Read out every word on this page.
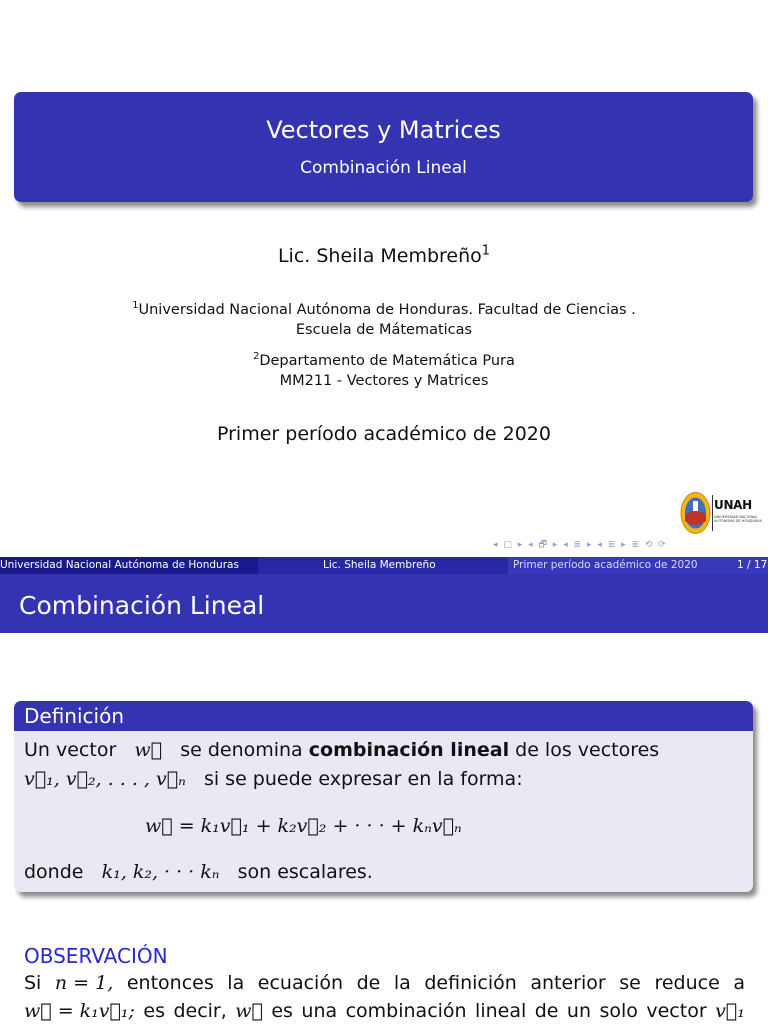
Vectores y Matrices
Combinación Lineal
Lic. Sheila Membreño$^1$
$^1$Universidad Nacional Autónoma de Honduras. Facultad de Ciencias .
Escuela de Mátematicas
$^2$Departamento de Matemática Pura
MM211 - Vectores y Matrices
Primer período académico de 2020
UNAH
UNIVERSIDAD NACIONAL
AUTÓNOMA DE HONDURAS
◂ □ ▸ ◂ 🗗 ▸ ◂ ≣ ▸ ◂ ≣ ▸ ≣ ⟲ ⟳
Universidad Nacional Autónoma de Honduras	Lic. Sheila Membreño	Primer período académico de 2020	1 / 17
Combinación Lineal
Definición
Un vector w⃗ se denomina combinación lineal de los vectores
v⃗₁, v⃗₂, . . . , v⃗ₙ si se puede expresar en la forma:
w⃗ = k₁v⃗₁ + k₂v⃗₂ + · · · + kₙv⃗ₙ
donde k₁, k₂, · · · kₙ son escalares.
OBSERVACIÓN
Si n = 1, entonces la ecuación de la definición anterior se reduce a
w⃗ = k₁v⃗₁; es decir, w⃗ es una combinación lineal de un solo vector v⃗₁
